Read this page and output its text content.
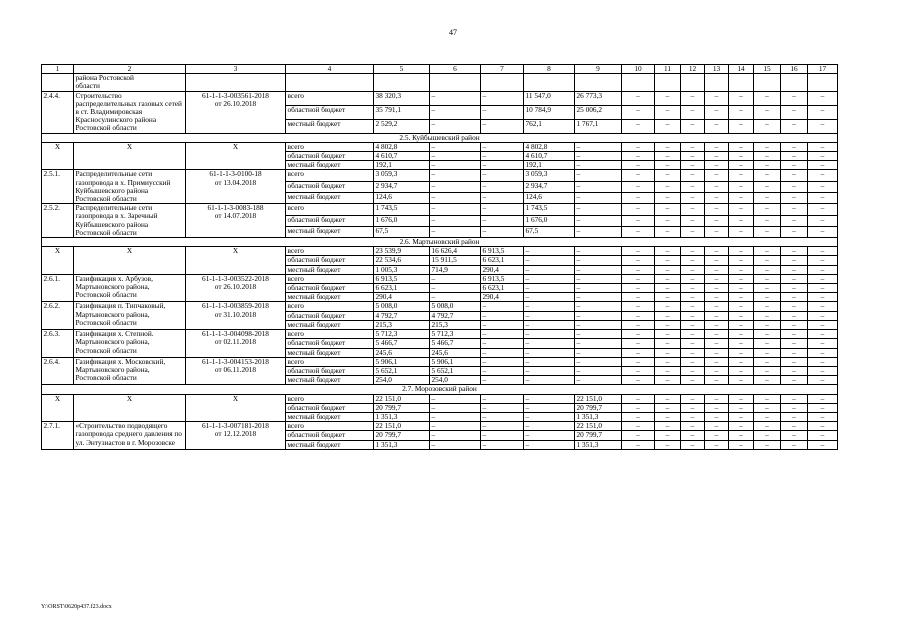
47
1	2	3	4	5	6	7	8	9	10	11	12	13	14	15	16	17
	района Ростовской
области															
2.4.4.	Строительство распределительных газовых сетей в ст. Владимировская Красносулинского района Ростовской области	61-1-1-3-003561-2018
от 26.10.2018	всего	38 320,3	–	–	11 547,0	26 773,3	–	–	–	–	–	–	–	–
			областной бюджет	35 791,1	–	–	10 784,9	25 006,2	–	–	–	–	–	–	–	–
			местный бюджет	2 529,2	–	–	762,1	1 767,1	–	–	–	–	–	–	–	–
2.5. Куйбышевский район																
Х	Х	Х	всего	4 802,8	–	–	4 802,8	–	–	–	–	–	–	–	–	–
			областной бюджет	4 610,7	–	–	4 610,7	–	–	–	–	–	–	–	–	–
			местный бюджет	192,1	–	–	192,1	–	–	–	–	–	–	–	–	–
2.5.1.	Распределительные сети газопровода в х. Примиусский Куйбышевского района Ростовской области	61-1-1-3-0100-18
от 13.04.2018	всего	3 059,3	–	–	3 059,3	–	–	–	–	–	–	–	–	–
			областной бюджет	2 934,7	–	–	2 934,7	–	–	–	–	–	–	–	–	–
			местный бюджет	124,6	–	–	124,6	–	–	–	–	–	–	–	–	–
2.5.2.	Распределительные сети газопровода в х. Заречный Куйбышевского района Ростовской области	61-1-1-3-0083-188
от 14.07.2018	всего	1 743,5	–	–	1 743,5	–	–	–	–	–	–	–	–	–
			областной бюджет	1 676,0	–	–	1 676,0	–	–	–	–	–	–	–	–	–
			местный бюджет	67,5	–	–	67,5	–	–	–	–	–	–	–	–	–
2.6. Мартыновский район																
Х	Х	Х	всего	23 539,9	16 626,4	6 913,5	–	–	–	–	–	–	–	–	–	–
			областной бюджет	22 534,6	15 911,5	6 623,1	–	–	–	–	–	–	–	–	–	–
			местный бюджет	1 005,3	714,9	290,4	–	–	–	–	–	–	–	–	–	–
2.6.1.	Газификация х. Арбузов, Мартыновского района, Ростовской области	61-1-1-3-003522-2018
от 26.10.2018	всего	6 913,5	–	6 913,5	–	–	–	–	–	–	–	–	–	–
			областной бюджет	6 623,1	–	6 623,1	–	–	–	–	–	–	–	–	–	–
			местный бюджет	290,4	–	290,4	–	–	–	–	–	–	–	–	–	–
2.6.2.	Газификация п. Типчаковый, Мартыновского района, Ростовской области	61-1-1-3-003859-2018
от 31.10.2018	всего	5 008,0	5 008,0	–	–	–	–	–	–	–	–	–	–	–
			областной бюджет	4 792,7	4 792,7	–	–	–	–	–	–	–	–	–	–	–
			местный бюджет	215,3	215,3	–	–	–	–	–	–	–	–	–	–	–
2.6.3.	Газификация х. Степной. Мартыновского района, Ростовской области	61-1-1-3-004098-2018
от 02.11.2018	всего	5 712,3	5 712,3	–	–	–	–	–	–	–	–	–	–	–
			областной бюджет	5 466,7	5 466,7	–	–	–	–	–	–	–	–	–	–	–
			местный бюджет	245,6	245,6	–	–	–	–	–	–	–	–	–	–	–
2.6.4.	Газификация х. Московский, Мартыновского района, Ростовской области	61-1-1-3-004153-2018
от 06.11.2018	всего	5 906,1	5 906,1	–	–	–	–	–	–	–	–	–	–	–
			областной бюджет	5 652,1	5 652,1	–	–	–	–	–	–	–	–	–	–	–
			местный бюджет	254,0	254,0	–	–	–	–	–	–	–	–	–	–	–
2.7. Морозовский район																
Х	Х	Х	всего	22 151,0	–	–	–	22 151,0	–	–	–	–	–	–	–	–
			областной бюджет	20 799,7	–	–	–	20 799,7	–	–	–	–	–	–	–	–
			местный бюджет	1 351,3	–	–	–	1 351,3	–	–	–	–	–	–	–	–
2.7.1.	«Строительство подводящего газопровода среднего давления по ул. Энтузиастов в г. Морозовске	61-1-1-3-007181-2018
от 12.12.2018	всего	22 151,0	–	–	–	22 151,0	–	–	–	–	–	–	–	–
			областной бюджет	20 799,7	–	–	–	20 799,7	–	–	–	–	–	–	–	–
			местный бюджет	1 351,3	–	–	–	1 351,3	–	–	–	–	–	–	–	–
Y:\ORST\0620p437.f23.docx
